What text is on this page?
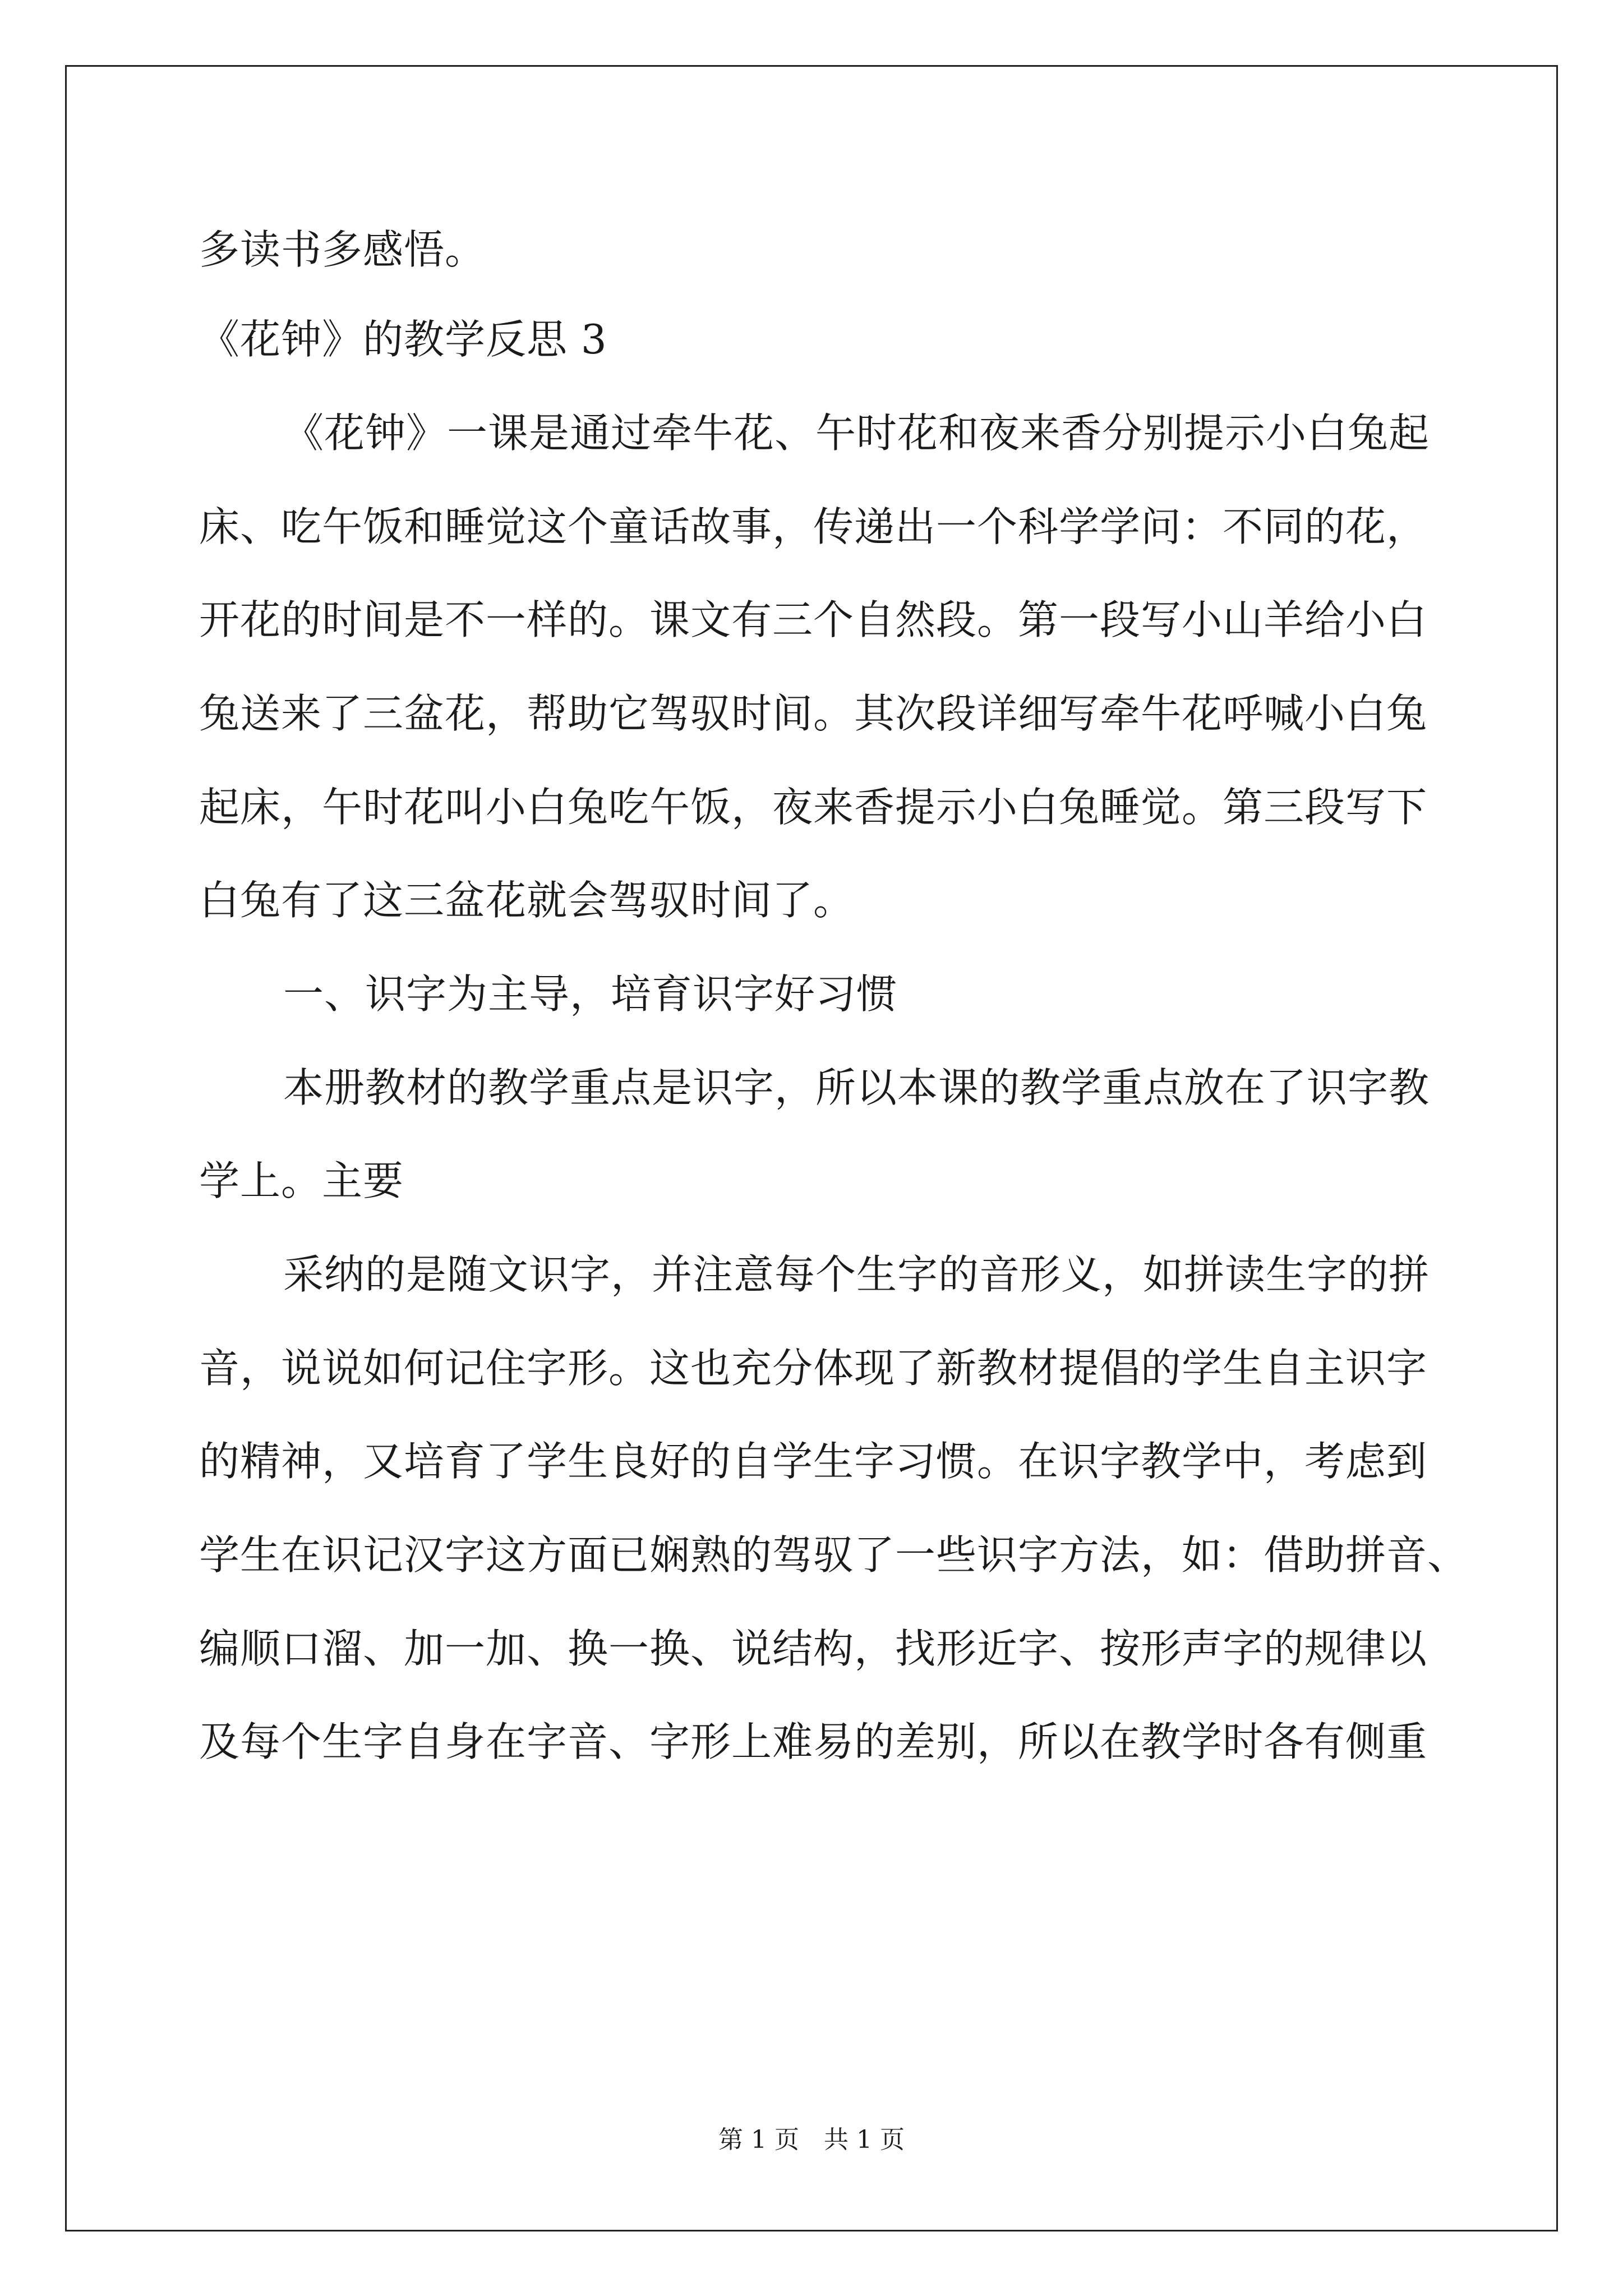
多读书多感悟。
《花钟》的教学反思 3
《花钟》一课是通过牵牛花、午时花和夜来香分别提示小白兔起
床、吃午饭和睡觉这个童话故事，传递出一个科学学问：不同的花，
开花的时间是不一样的。课文有三个自然段。第一段写小山羊给小白
兔送来了三盆花，帮助它驾驭时间。其次段详细写牵牛花呼喊小白兔
起床，午时花叫小白兔吃午饭，夜来香提示小白兔睡觉。第三段写下
白兔有了这三盆花就会驾驭时间了。
一、识字为主导，培育识字好习惯
本册教材的教学重点是识字，所以本课的教学重点放在了识字教
学上。主要
采纳的是随文识字，并注意每个生字的音形义，如拼读生字的拼
音，说说如何记住字形。这也充分体现了新教材提倡的学生自主识字
的精神，又培育了学生良好的自学生字习惯。在识字教学中，考虑到
学生在识记汉字这方面已娴熟的驾驭了一些识字方法，如：借助拼音、
编顺口溜、加一加、换一换、说结构，找形近字、按形声字的规律以
及每个生字自身在字音、字形上难易的差别，所以在教学时各有侧重
第 1 页　共 1 页
